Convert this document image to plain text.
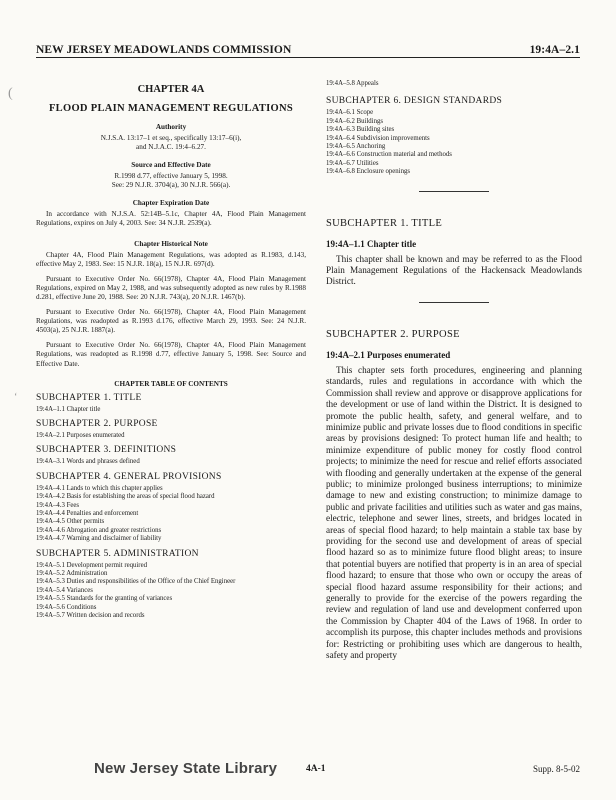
NEW JERSEY MEADOWLANDS COMMISSION	19:4A–2.1
(
‘
CHAPTER 4A
FLOOD PLAIN MANAGEMENT REGULATIONS
Authority
N.J.S.A. 13:17–1 et seq., specifically 13:17–6(i),
and N.J.A.C. 19:4–6.27.
Source and Effective Date
R.1998 d.77, effective January 5, 1998.
See: 29 N.J.R. 3704(a), 30 N.J.R. 566(a).
Chapter Expiration Date
In accordance with N.J.S.A. 52:14B–5.1c, Chapter 4A, Flood Plain Management Regulations, expires on July 4, 2003. See: 34 N.J.R. 2539(a).
Chapter Historical Note
Chapter 4A, Flood Plain Management Regulations, was adopted as R.1983, d.143, effective May 2, 1983. See: 15 N.J.R. 18(a), 15 N.J.R. 697(d).
Pursuant to Executive Order No. 66(1978), Chapter 4A, Flood Plain Management Regulations, expired on May 2, 1988, and was subsequently adopted as new rules by R.1988 d.281, effective June 20, 1988. See: 20 N.J.R. 743(a), 20 N.J.R. 1467(b).
Pursuant to Executive Order No. 66(1978), Chapter 4A, Flood Plain Management Regulations, was readopted as R.1993 d.176, effective March 29, 1993. See: 24 N.J.R. 4503(a), 25 N.J.R. 1887(a).
Pursuant to Executive Order No. 66(1978), Chapter 4A, Flood Plain Management Regulations, was readopted as R.1998 d.77, effective January 5, 1998. See: Source and Effective Date.
CHAPTER TABLE OF CONTENTS
SUBCHAPTER 1. TITLE
19:4A–1.1 Chapter title
SUBCHAPTER 2. PURPOSE
19:4A–2.1 Purposes enumerated
SUBCHAPTER 3. DEFINITIONS
19:4A–3.1 Words and phrases defined
SUBCHAPTER 4. GENERAL PROVISIONS
19:4A–4.1 Lands to which this chapter applies
19:4A–4.2 Basis for establishing the areas of special flood hazard
19:4A–4.3 Fees
19:4A–4.4 Penalties and enforcement
19:4A–4.5 Other permits
19:4A–4.6 Abrogation and greater restrictions
19:4A–4.7 Warning and disclaimer of liability
SUBCHAPTER 5. ADMINISTRATION
19:4A–5.1 Development permit required
19:4A–5.2 Administration
19:4A–5.3 Duties and responsibilities of the Office of the Chief Engineer
19:4A–5.4 Variances
19:4A–5.5 Standards for the granting of variances
19:4A–5.6 Conditions
19:4A–5.7 Written decision and records
19:4A–5.8 Appeals
SUBCHAPTER 6. DESIGN STANDARDS
19:4A–6.1 Scope
19:4A–6.2 Buildings
19:4A–6.3 Building sites
19:4A–6.4 Subdivision improvements
19:4A–6.5 Anchoring
19:4A–6.6 Construction material and methods
19:4A–6.7 Utilities
19:4A–6.8 Enclosure openings
SUBCHAPTER 1. TITLE
19:4A–1.1 Chapter title
This chapter shall be known and may be referred to as the Flood Plain Management Regulations of the Hackensack Meadowlands District.
SUBCHAPTER 2. PURPOSE
19:4A–2.1 Purposes enumerated
This chapter sets forth procedures, engineering and planning standards, rules and regulations in accordance with which the Commission shall review and approve or disapprove applications for the development or use of land within the District. It is designed to promote the public health, safety, and general welfare, and to minimize public and private losses due to flood conditions in specific areas by provisions designed: To protect human life and health; to minimize expenditure of public money for costly flood control projects; to minimize the need for rescue and relief efforts associated with flooding and generally undertaken at the expense of the general public; to minimize prolonged business interruptions; to minimize damage to new and existing construction; to minimize damage to public and private facilities and utilities such as water and gas mains, electric, telephone and sewer lines, streets, and bridges located in areas of special flood hazard; to help maintain a stable tax base by providing for the second use and development of areas of special flood hazard so as to minimize future flood blight areas; to insure that potential buyers are notified that property is in an area of special flood hazard; to ensure that those who own or occupy the areas of special flood hazard assume responsibility for their actions; and generally to provide for the exercise of the powers regarding the review and regulation of land use and development conferred upon the Commission by Chapter 404 of the Laws of 1968. In order to accomplish its purpose, this chapter includes methods and provisions for: Restricting or prohibiting uses which are dangerous to health, safety and property
New Jersey State Library	4A-1	Supp. 8-5-02
